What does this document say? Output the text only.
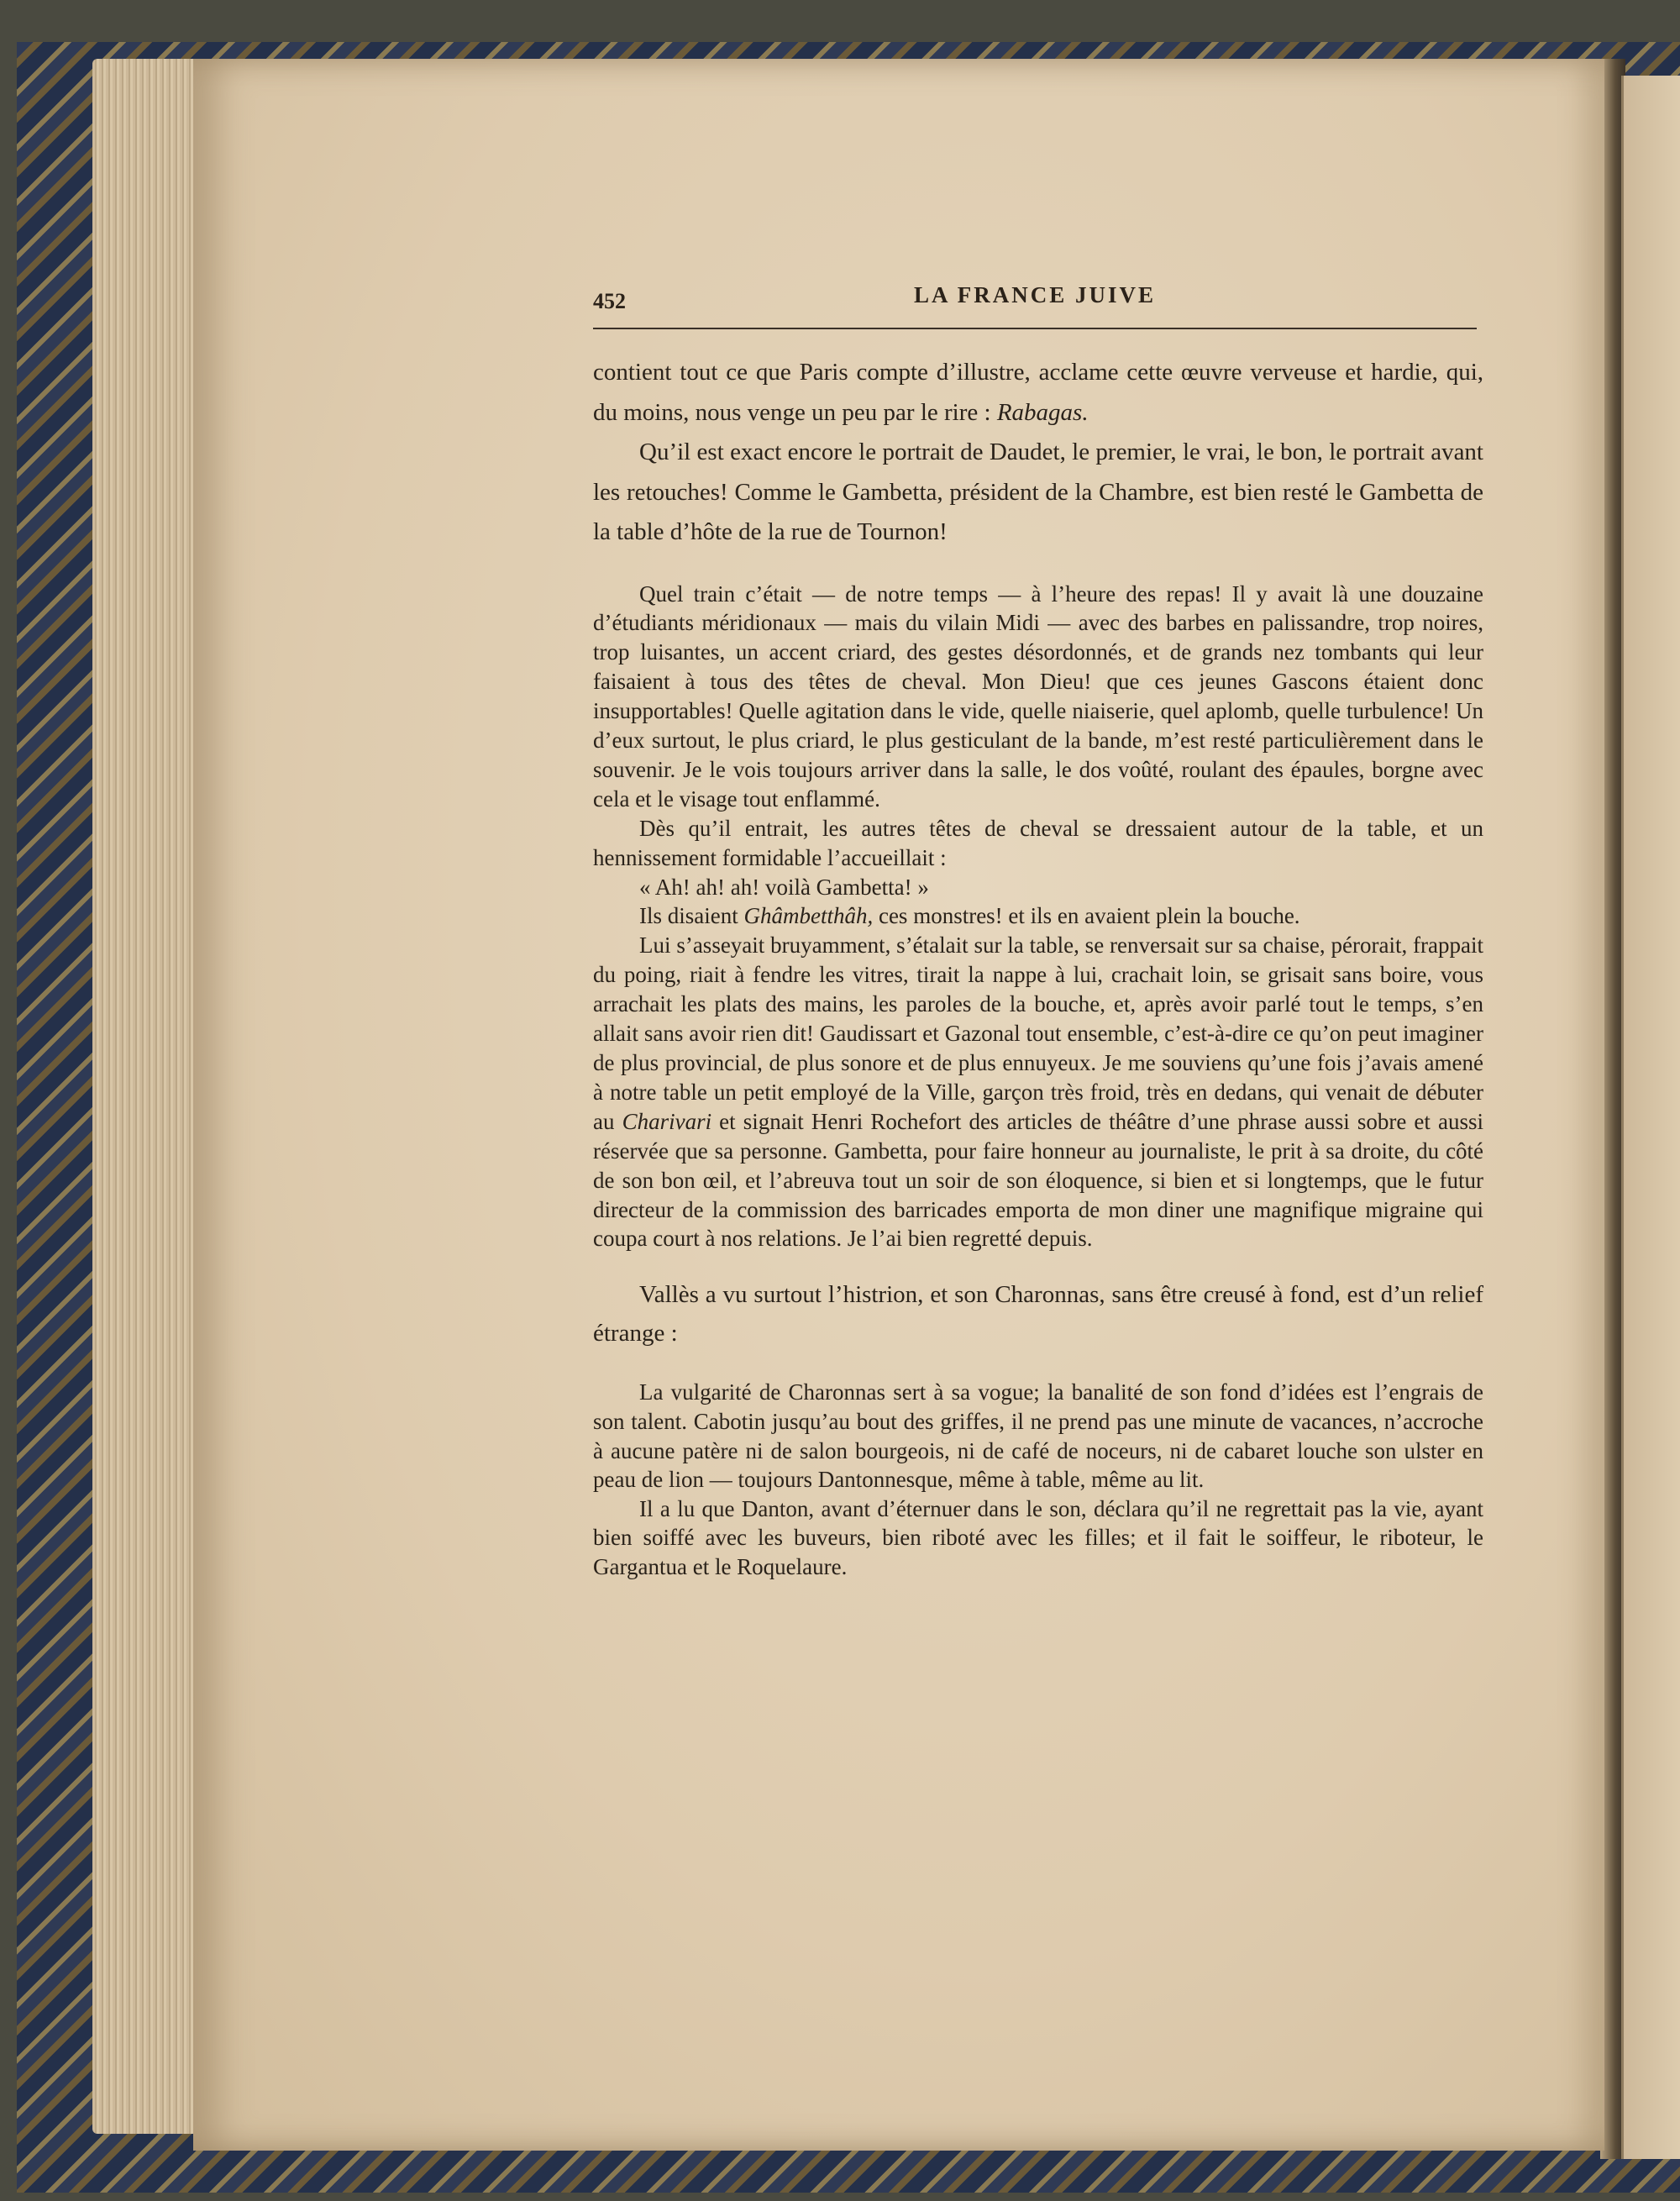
452	LA FRANCE JUIVE

contient tout ce que Paris compte d’illustre, acclame cette œuvre verveuse et hardie, qui, du moins, nous venge un peu par le rire : Rabagas.

Qu’il est exact encore le portrait de Daudet, le premier, le vrai, le bon, le portrait avant les retouches! Comme le Gambetta, président de la Chambre, est bien resté le Gambetta de la table d’hôte de la rue de Tournon!

Quel train c’était — de notre temps — à l’heure des repas! Il y avait là une douzaine d’étudiants méridionaux — mais du vilain Midi — avec des barbes en palissandre, trop noires, trop luisantes, un accent criard, des gestes désordonnés, et de grands nez tombants qui leur faisaient à tous des têtes de cheval. Mon Dieu! que ces jeunes Gascons étaient donc insupportables! Quelle agitation dans le vide, quelle niaiserie, quel aplomb, quelle turbulence! Un d’eux surtout, le plus criard, le plus gesticulant de la bande, m’est resté particulièrement dans le souvenir. Je le vois toujours arriver dans la salle, le dos voûté, roulant des épaules, borgne avec cela et le visage tout enflammé.

Dès qu’il entrait, les autres têtes de cheval se dressaient autour de la table, et un hennissement formidable l’accueillait :

« Ah! ah! ah! voilà Gambetta! »

Ils disaient Ghâmbetthâh, ces monstres! et ils en avaient plein la bouche.

Lui s’asseyait bruyamment, s’étalait sur la table, se renversait sur sa chaise, pérorait, frappait du poing, riait à fendre les vitres, tirait la nappe à lui, crachait loin, se grisait sans boire, vous arrachait les plats des mains, les paroles de la bouche, et, après avoir parlé tout le temps, s’en allait sans avoir rien dit! Gaudissart et Gazonal tout ensemble, c’est-à-dire ce qu’on peut imaginer de plus provincial, de plus sonore et de plus ennuyeux. Je me souviens qu’une fois j’avais amené à notre table un petit employé de la Ville, garçon très froid, très en dedans, qui venait de débuter au Charivari et signait Henri Rochefort des articles de théâtre d’une phrase aussi sobre et aussi réservée que sa personne. Gambetta, pour faire honneur au journaliste, le prit à sa droite, du côté de son bon œil, et l’abreuva tout un soir de son éloquence, si bien et si longtemps, que le futur directeur de la commission des barricades emporta de mon diner une magnifique migraine qui coupa court à nos relations. Je l’ai bien regretté depuis.

Vallès a vu surtout l’histrion, et son Charonnas, sans être creusé à fond, est d’un relief étrange :

La vulgarité de Charonnas sert à sa vogue; la banalité de son fond d’idées est l’engrais de son talent. Cabotin jusqu’au bout des griffes, il ne prend pas une minute de vacances, n’accroche à aucune patère ni de salon bourgeois, ni de café de noceurs, ni de cabaret louche son ulster en peau de lion — toujours Dantonnesque, même à table, même au lit.

Il a lu que Danton, avant d’éternuer dans le son, déclara qu’il ne regrettait pas la vie, ayant bien soiffé avec les buveurs, bien riboté avec les filles; et il fait le soiffeur, le riboteur, le Gargantua et le Roquelaure.
